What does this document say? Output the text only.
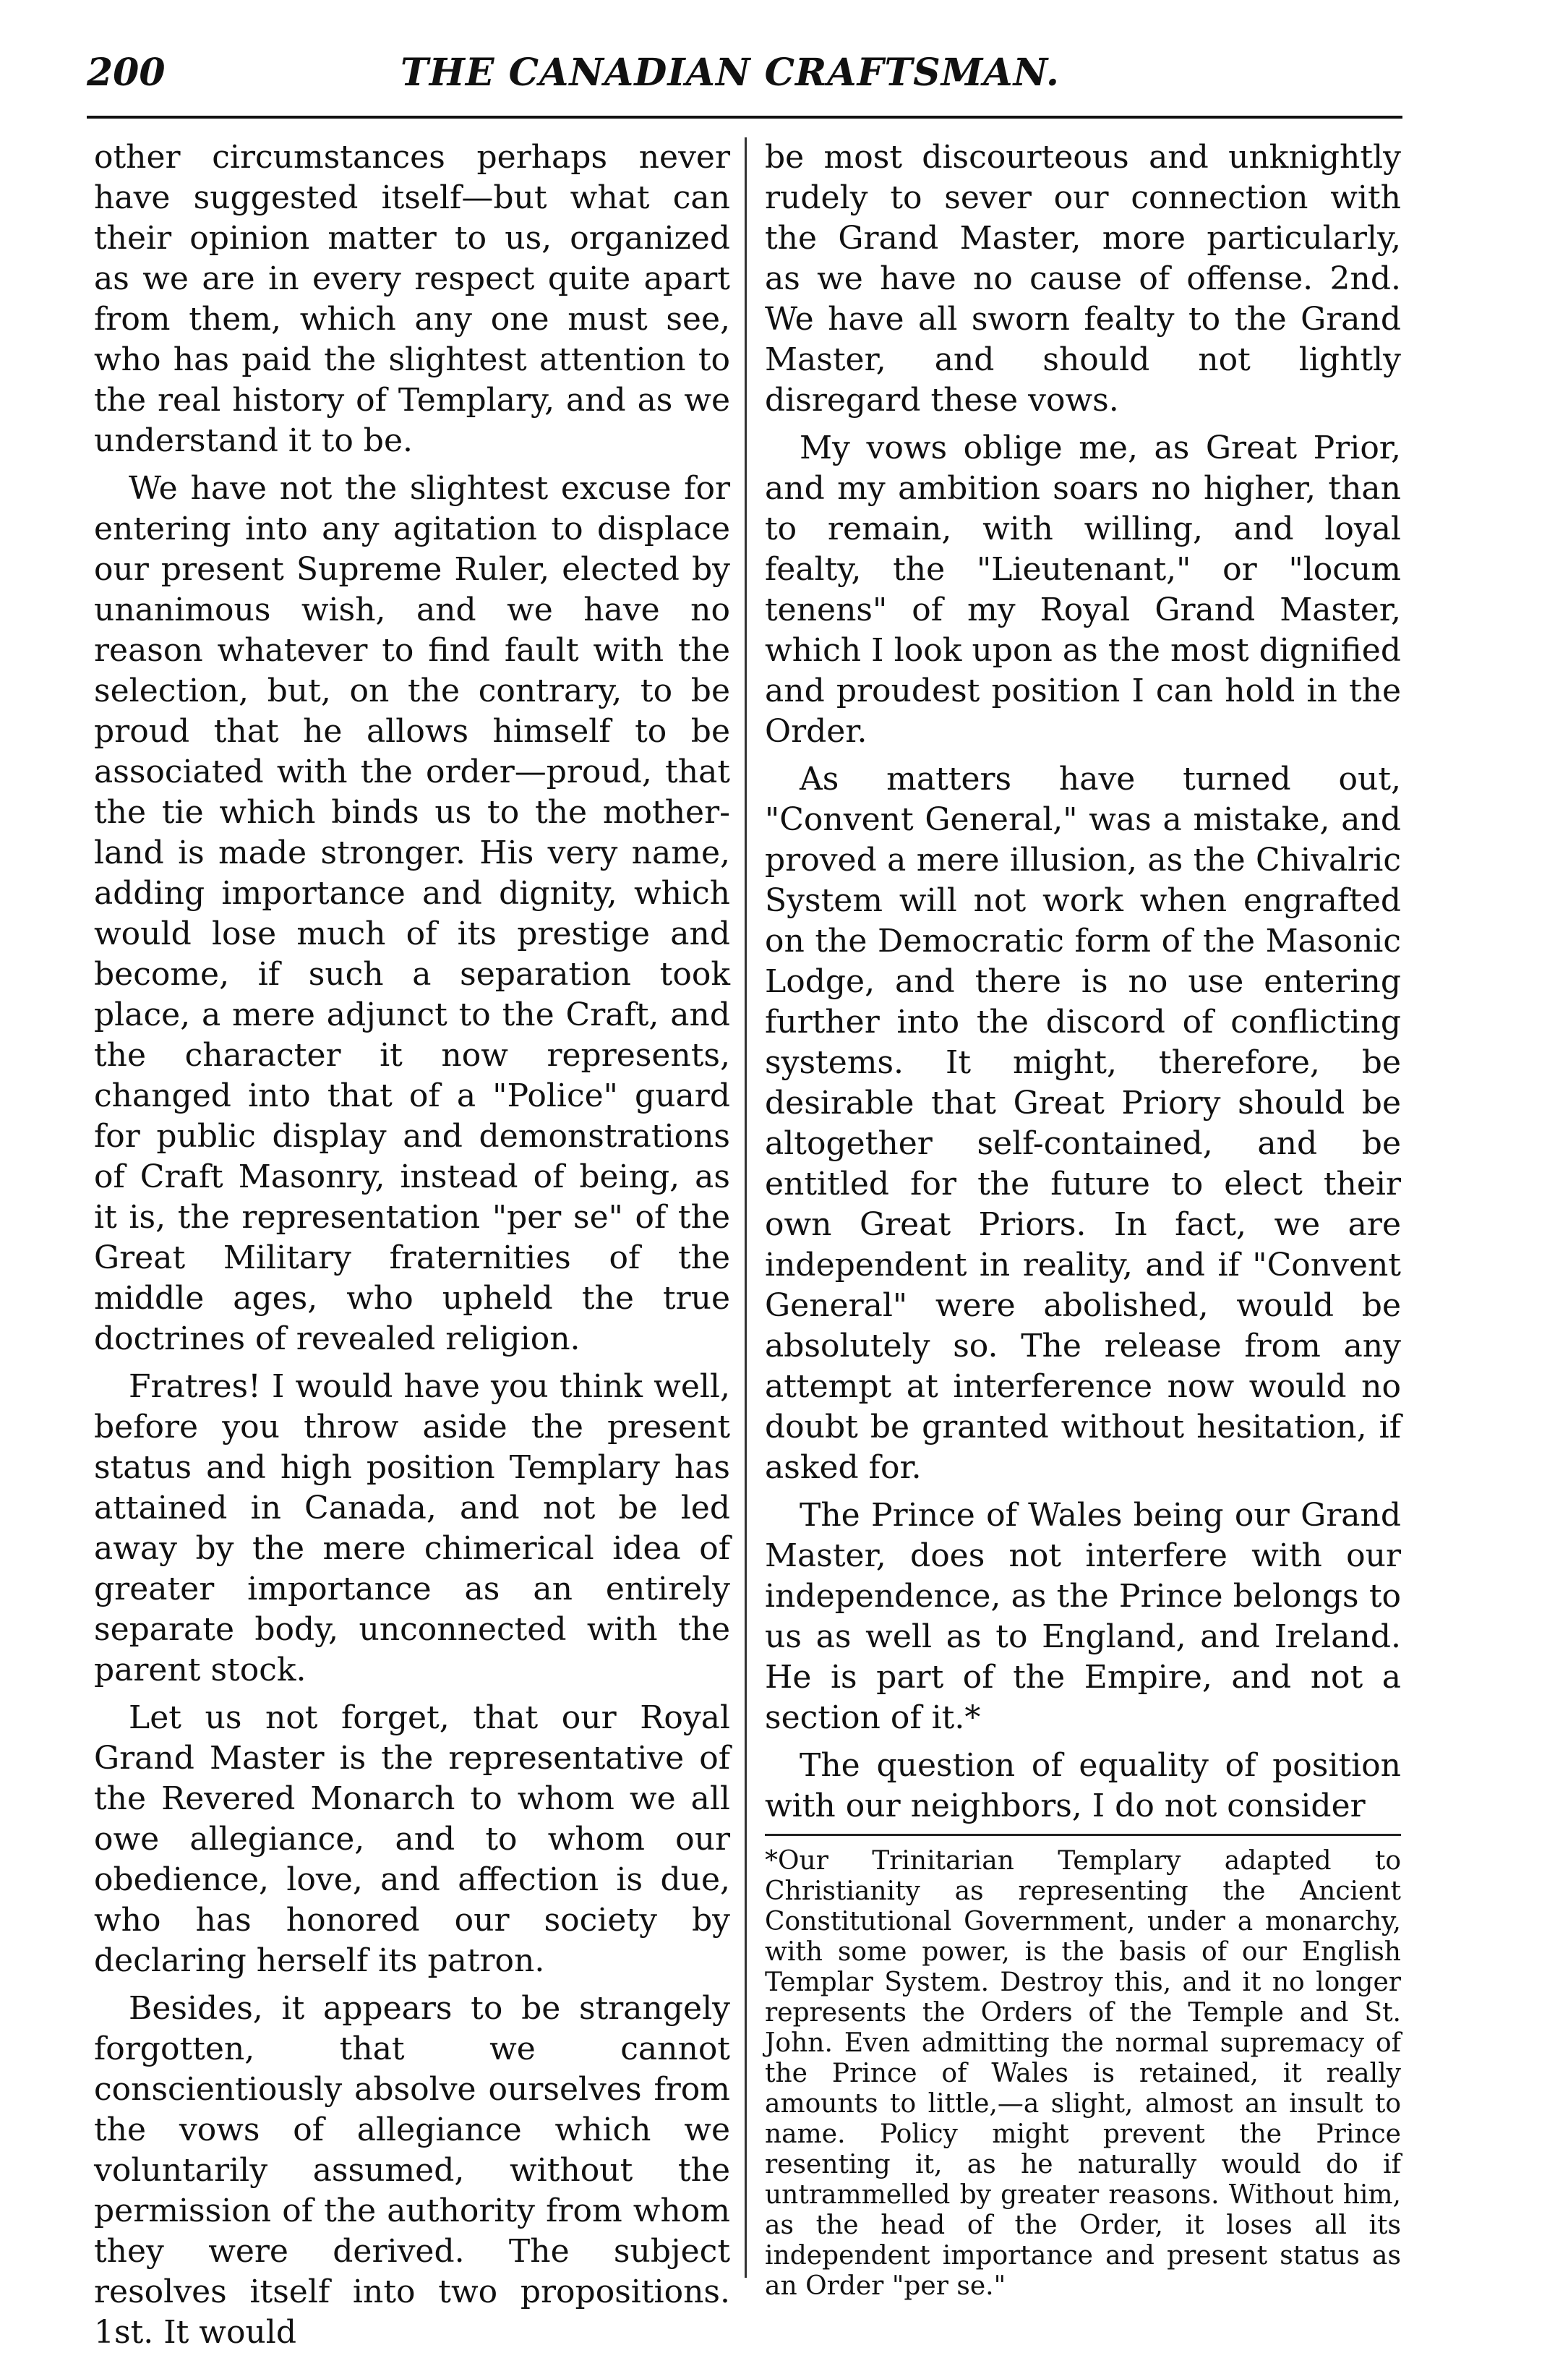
200	THE CANADIAN CRAFTSMAN.

other circumstances perhaps never have suggested itself—but what can their opinion matter to us, organized as we are in every respect quite apart from them, which any one must see, who has paid the slightest attention to the real history of Templary, and as we understand it to be.

We have not the slightest excuse for entering into any agitation to displace our present Supreme Ruler, elected by unanimous wish, and we have no reason whatever to find fault with the selection, but, on the contrary, to be proud that he allows himself to be associated with the order—proud, that the tie which binds us to the mother-land is made stronger. His very name, adding importance and dignity, which would lose much of its prestige and become, if such a separation took place, a mere adjunct to the Craft, and the character it now represents, changed into that of a "Police" guard for public display and demonstrations of Craft Masonry, instead of being, as it is, the representation "per se" of the Great Military fraternities of the middle ages, who upheld the true doctrines of revealed religion.

Fratres! I would have you think well, before you throw aside the present status and high position Templary has attained in Canada, and not be led away by the mere chimerical idea of greater importance as an entirely separate body, unconnected with the parent stock.

Let us not forget, that our Royal Grand Master is the representative of the Revered Monarch to whom we all owe allegiance, and to whom our obedience, love, and affection is due, who has honored our society by declaring herself its patron.

Besides, it appears to be strangely forgotten, that we cannot conscientiously absolve ourselves from the vows of allegiance which we voluntarily assumed, without the permission of the authority from whom they were derived. The subject resolves itself into two propositions. 1st. It would

be most discourteous and unknightly rudely to sever our connection with the Grand Master, more particularly, as we have no cause of offense. 2nd. We have all sworn fealty to the Grand Master, and should not lightly disregard these vows.

My vows oblige me, as Great Prior, and my ambition soars no higher, than to remain, with willing, and loyal fealty, the "Lieutenant," or "locum tenens" of my Royal Grand Master, which I look upon as the most dignified and proudest position I can hold in the Order.

As matters have turned out, "Convent General," was a mistake, and proved a mere illusion, as the Chivalric System will not work when engrafted on the Democratic form of the Masonic Lodge, and there is no use entering further into the discord of conflicting systems. It might, therefore, be desirable that Great Priory should be altogether self-contained, and be entitled for the future to elect their own Great Priors. In fact, we are independent in reality, and if "Convent General" were abolished, would be absolutely so. The release from any attempt at interference now would no doubt be granted without hesitation, if asked for.

The Prince of Wales being our Grand Master, does not interfere with our independence, as the Prince belongs to us as well as to England, and Ireland. He is part of the Empire, and not a section of it.*

The question of equality of position with our neighbors, I do not consider

*Our Trinitarian Templary adapted to Christianity as representing the Ancient Constitutional Government, under a monarchy, with some power, is the basis of our English Templar System. Destroy this, and it no longer represents the Orders of the Temple and St. John. Even admitting the normal supremacy of the Prince of Wales is retained, it really amounts to little,—a slight, almost an insult to name. Policy might prevent the Prince resenting it, as he naturally would do if untrammelled by greater reasons. Without him, as the head of the Order, it loses all its independent importance and present status as an Order "per se."
